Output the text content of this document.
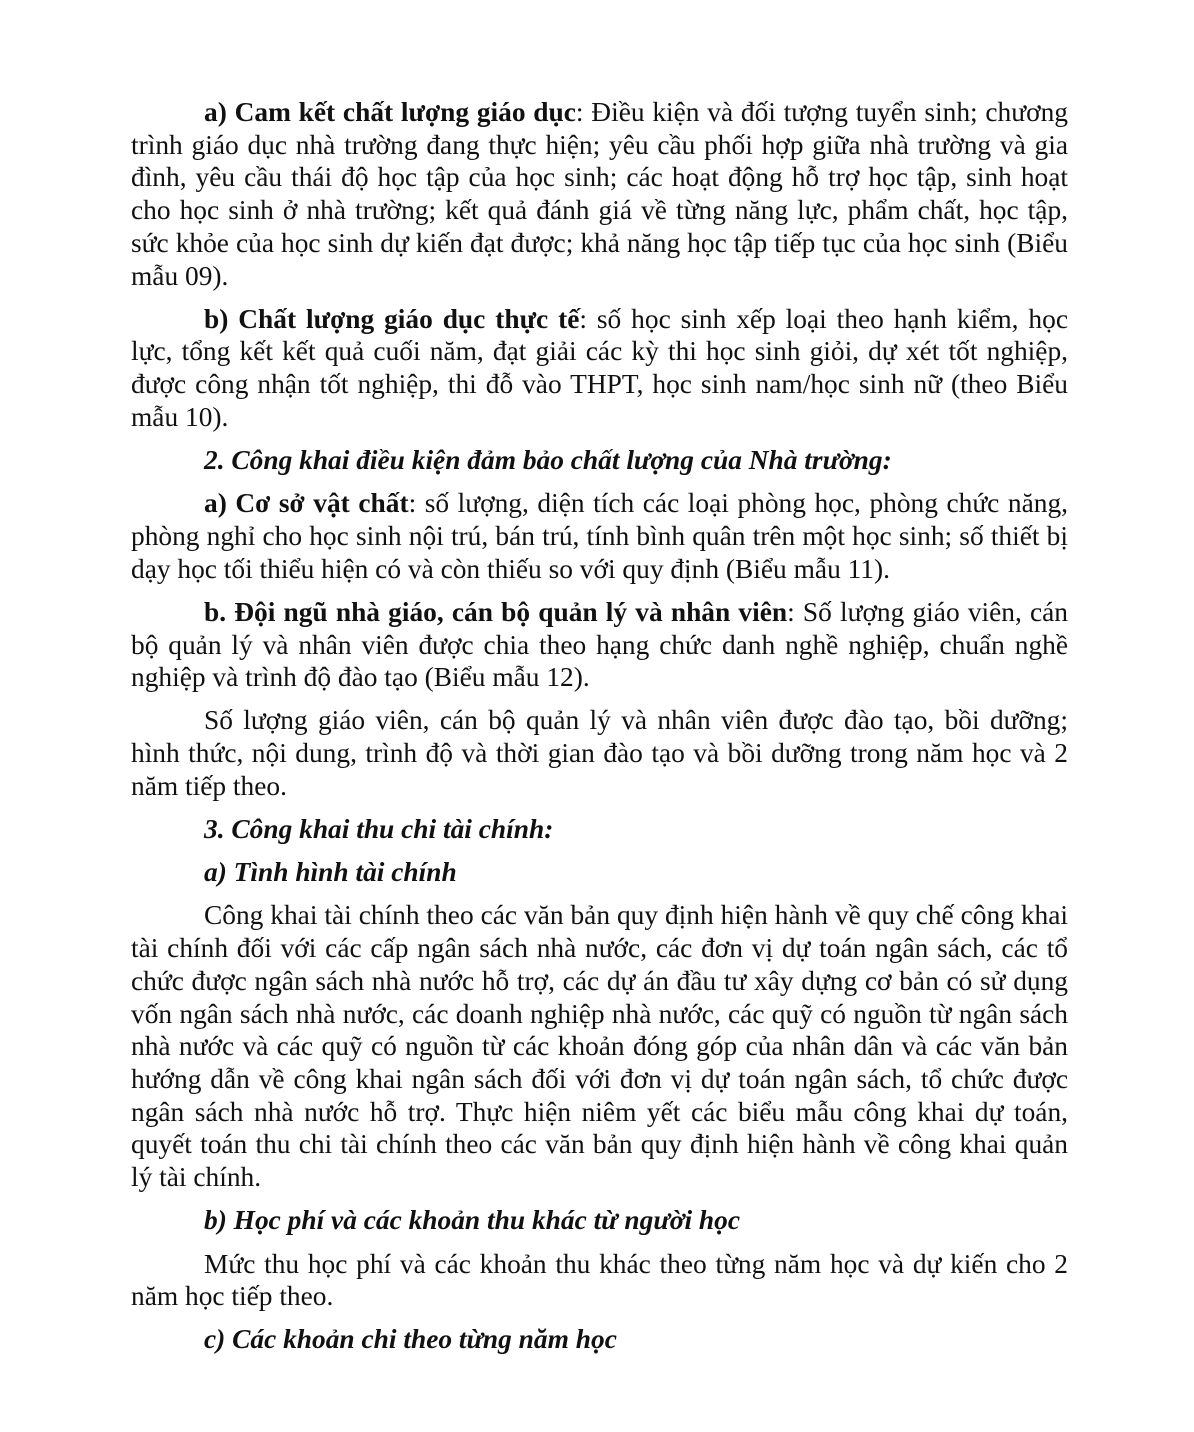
a) Cam kết chất lượng giáo dục: Điều kiện và đối tượng tuyển sinh; chương trình giáo dục nhà trường đang thực hiện; yêu cầu phối hợp giữa nhà trường và gia đình, yêu cầu thái độ học tập của học sinh; các hoạt động hỗ trợ học tập, sinh hoạt cho học sinh ở nhà trường; kết quả đánh giá về từng năng lực, phẩm chất, học tập, sức khỏe của học sinh dự kiến đạt được; khả năng học tập tiếp tục của học sinh (Biểu mẫu 09).

b) Chất lượng giáo dục thực tế: số học sinh xếp loại theo hạnh kiểm, học lực, tổng kết kết quả cuối năm, đạt giải các kỳ thi học sinh giỏi, dự xét tốt nghiệp, được công nhận tốt nghiệp, thi đỗ vào THPT, học sinh nam/học sinh nữ (theo Biểu mẫu 10).

2. Công khai điều kiện đảm bảo chất lượng của Nhà trường:

a) Cơ sở vật chất: số lượng, diện tích các loại phòng học, phòng chức năng, phòng nghỉ cho học sinh nội trú, bán trú, tính bình quân trên một học sinh; số thiết bị dạy học tối thiểu hiện có và còn thiếu so với quy định (Biểu mẫu 11).

b. Đội ngũ nhà giáo, cán bộ quản lý và nhân viên: Số lượng giáo viên, cán bộ quản lý và nhân viên được chia theo hạng chức danh nghề nghiệp, chuẩn nghề nghiệp và trình độ đào tạo (Biểu mẫu 12).

Số lượng giáo viên, cán bộ quản lý và nhân viên được đào tạo, bồi dưỡng; hình thức, nội dung, trình độ và thời gian đào tạo và bồi dưỡng trong năm học và 2 năm tiếp theo.

3. Công khai thu chi tài chính:

a) Tình hình tài chính

Công khai tài chính theo các văn bản quy định hiện hành về quy chế công khai tài chính đối với các cấp ngân sách nhà nước, các đơn vị dự toán ngân sách, các tổ chức được ngân sách nhà nước hỗ trợ, các dự án đầu tư xây dựng cơ bản có sử dụng vốn ngân sách nhà nước, các doanh nghiệp nhà nước, các quỹ có nguồn từ ngân sách nhà nước và các quỹ có nguồn từ các khoản đóng góp của nhân dân và các văn bản hướng dẫn về công khai ngân sách đối với đơn vị dự toán ngân sách, tổ chức được ngân sách nhà nước hỗ trợ. Thực hiện niêm yết các biểu mẫu công khai dự toán, quyết toán thu chi tài chính theo các văn bản quy định hiện hành về công khai quản lý tài chính.

b) Học phí và các khoản thu khác từ người học

Mức thu học phí và các khoản thu khác theo từng năm học và dự kiến cho 2 năm học tiếp theo.

c) Các khoản chi theo từng năm học
